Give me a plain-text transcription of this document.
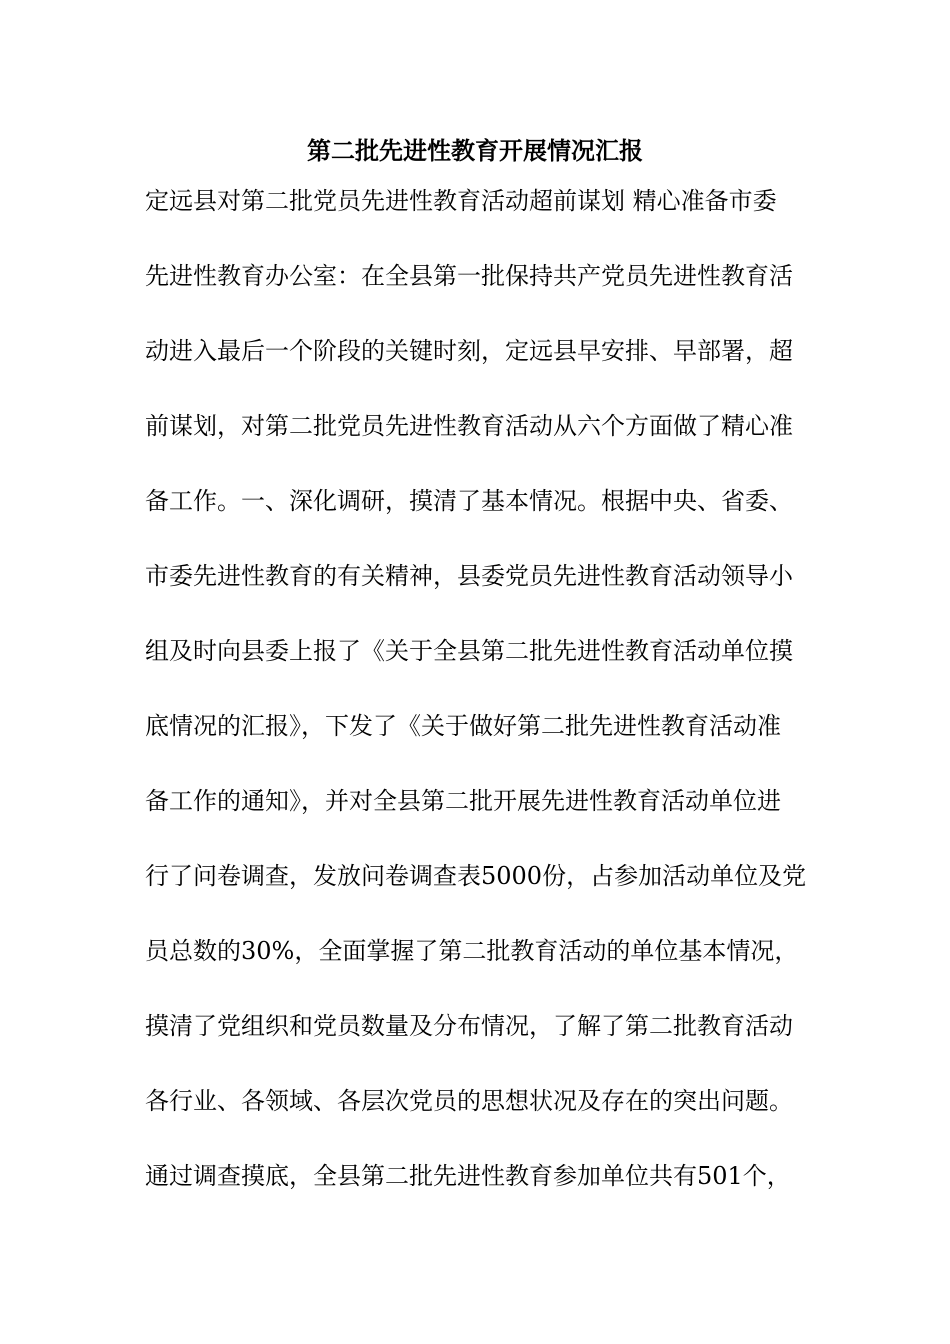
第二批先进性教育开展情况汇报
定远县对第二批党员先进性教育活动超前谋划 精心准备市委
先进性教育办公室：在全县第一批保持共产党员先进性教育活
动进入最后一个阶段的关键时刻，定远县早安排、早部署，超
前谋划，对第二批党员先进性教育活动从六个方面做了精心准
备工作。一、深化调研，摸清了基本情况。根据中央、省委、
市委先进性教育的有关精神，县委党员先进性教育活动领导小
组及时向县委上报了《关于全县第二批先进性教育活动单位摸
底情况的汇报》，下发了《关于做好第二批先进性教育活动准
备工作的通知》，并对全县第二批开展先进性教育活动单位进
行了问卷调查，发放问卷调查表5000份，占参加活动单位及党
员总数的30%，全面掌握了第二批教育活动的单位基本情况，
摸清了党组织和党员数量及分布情况，了解了第二批教育活动
各行业、各领域、各层次党员的思想状况及存在的突出问题。
通过调查摸底，全县第二批先进性教育参加单位共有501个，
